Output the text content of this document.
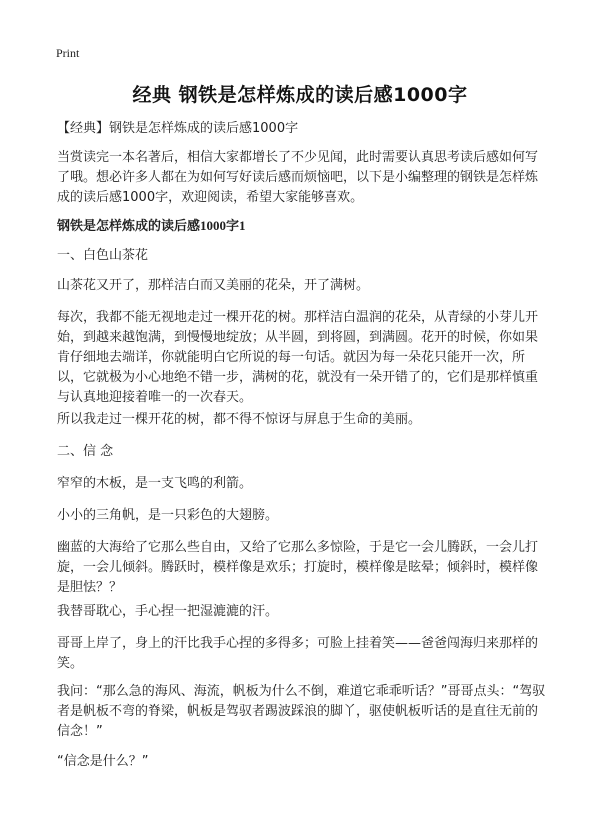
Print
经典 钢铁是怎样炼成的读后感1000字

【经典】钢铁是怎样炼成的读后感1000字

当赏读完一本名著后，相信大家都增长了不少见闻，此时需要认真思考读后感如何写了哦。想必许多人都在为如何写好读后感而烦恼吧，以下是小编整理的钢铁是怎样炼成的读后感1000字，欢迎阅读，希望大家能够喜欢。

钢铁是怎样炼成的读后感1000字1

一、白色山茶花

山茶花又开了，那样洁白而又美丽的花朵，开了满树。

每次，我都不能无视地走过一棵开花的树。那样洁白温润的花朵，从青绿的小芽儿开始，到越来越饱满，到慢慢地绽放；从半圆，到将圆，到满圆。花开的时候，你如果肯仔细地去端详，你就能明白它所说的每一句话。就因为每一朵花只能开一次，所以，它就极为小心地绝不错一步，满树的花，就没有一朵开错了的，它们是那样慎重与认真地迎接着唯一的一次春天。

所以我走过一棵开花的树，都不得不惊讶与屏息于生命的美丽。

二、信 念

窄窄的木板，是一支飞鸣的利箭。

小小的三角帆，是一只彩色的大翅膀。

幽蓝的大海给了它那么些自由，又给了它那么多惊险，于是它一会儿腾跃，一会儿打旋，一会儿倾斜。腾跃时，模样像是欢乐；打旋时，模样像是眩晕；倾斜时，模样像是胆怯？？

我替哥耽心，手心捏一把湿漉漉的汗。

哥哥上岸了，身上的汗比我手心捏的多得多；可脸上挂着笑——爸爸闯海归来那样的笑。

我问：“那么急的海风、海流，帆板为什么不倒，难道它乖乖听话？”哥哥点头：“驾驭者是帆板不弯的脊梁，帆板是驾驭者踢波踩浪的脚丫，驱使帆板听话的是直往无前的信念！”

“信念是什么？”
